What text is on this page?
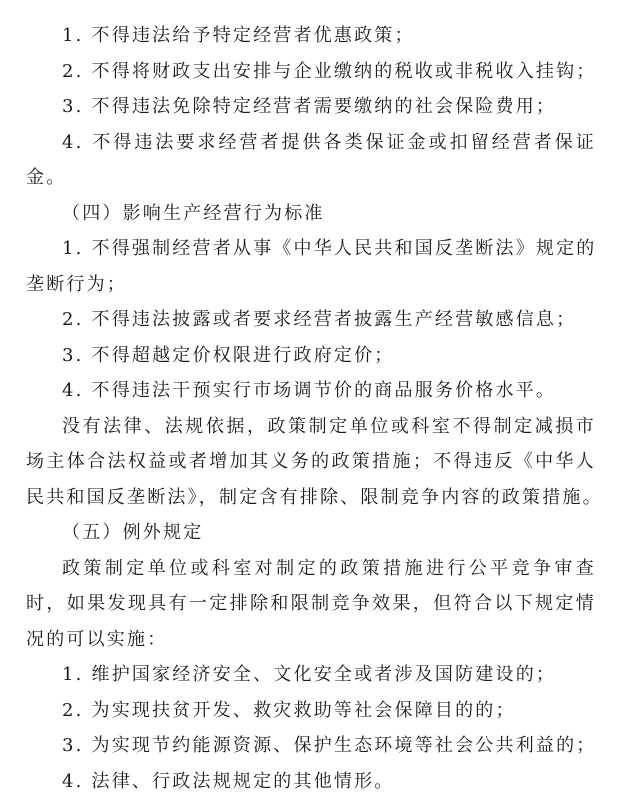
1. 不得违法给予特定经营者优惠政策；
2. 不得将财政支出安排与企业缴纳的税收或非税收入挂钩；
3. 不得违法免除特定经营者需要缴纳的社会保险费用；
4. 不得违法要求经营者提供各类保证金或扣留经营者保证
金。
（四）影响生产经营行为标准
1. 不得强制经营者从事《中华人民共和国反垄断法》规定的
垄断行为；
2. 不得违法披露或者要求经营者披露生产经营敏感信息；
3. 不得超越定价权限进行政府定价；
4. 不得违法干预实行市场调节价的商品服务价格水平。
没有法律、法规依据，政策制定单位或科室不得制定减损市
场主体合法权益或者增加其义务的政策措施；不得违反《中华人
民共和国反垄断法》，制定含有排除、限制竞争内容的政策措施。
（五）例外规定
政策制定单位或科室对制定的政策措施进行公平竞争审查
时，如果发现具有一定排除和限制竞争效果，但符合以下规定情
况的可以实施：
1. 维护国家经济安全、文化安全或者涉及国防建设的；
2. 为实现扶贫开发、救灾救助等社会保障目的的；
3. 为实现节约能源资源、保护生态环境等社会公共利益的；
4. 法律、行政法规规定的其他情形。
